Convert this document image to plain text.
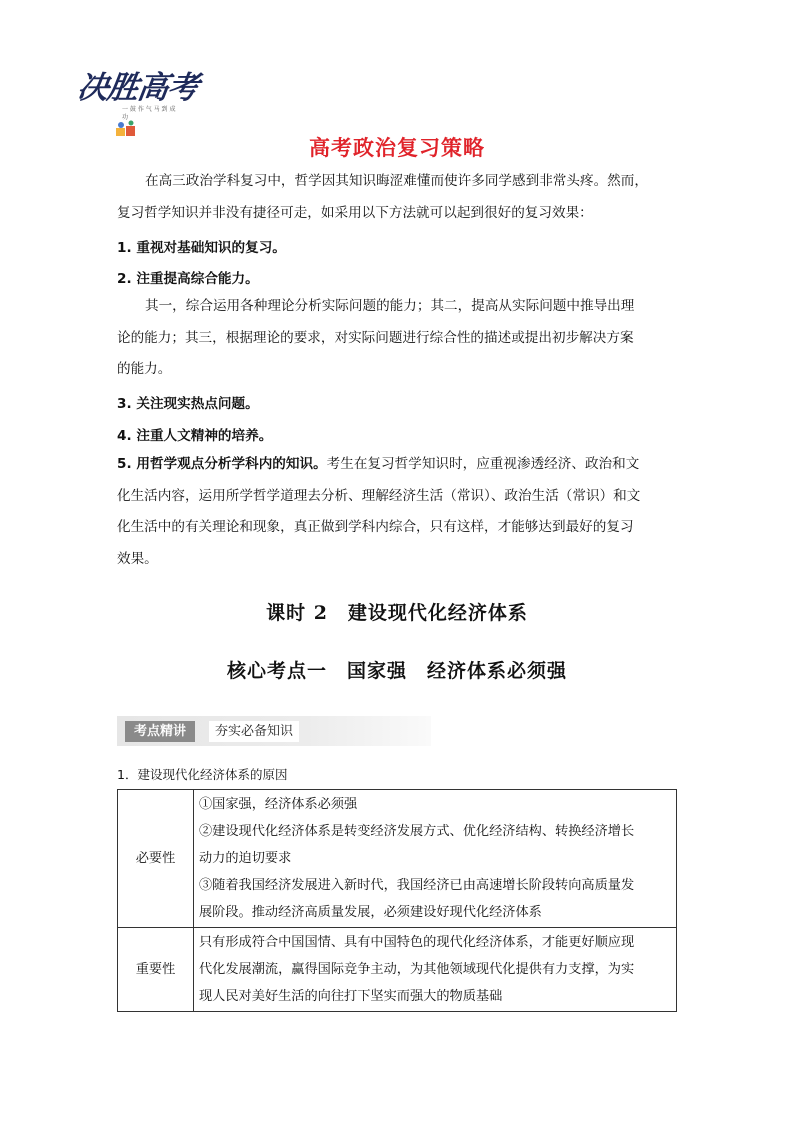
决胜高考
一 鼓 作 气 马 到 成 功
高考政治复习策略
在高三政治学科复习中，哲学因其知识晦涩难懂而使许多同学感到非常头疼。然而，
复习哲学知识并非没有捷径可走，如采用以下方法就可以起到很好的复习效果：
1. 重视对基础知识的复习。
2. 注重提高综合能力。
其一，综合运用各种理论分析实际问题的能力；其二，提高从实际问题中推导出理
论的能力；其三，根据理论的要求，对实际问题进行综合性的描述或提出初步解决方案
的能力。
3. 关注现实热点问题。
4. 注重人文精神的培养。
5. 用哲学观点分析学科内的知识。考生在复习哲学知识时，应重视渗透经济、政治和文
化生活内容，运用所学哲学道理去分析、理解经济生活（常识）、政治生活（常识）和文
化生活中的有关理论和现象，真正做到学科内综合，只有这样，才能够达到最好的复习
效果。
课时 2　建设现代化经济体系
核心考点一　国家强　经济体系必须强
考点精讲	夯实必备知识
1．建设现代化经济体系的原因
必要性	①国家强，经济体系必须强
②建设现代化经济体系是转变经济发展方式、优化经济结构、转换经济增长
动力的迫切要求
③随着我国经济发展进入新时代，我国经济已由高速增长阶段转向高质量发
展阶段。推动经济高质量发展，必须建设好现代化经济体系

重要性	只有形成符合中国国情、具有中国特色的现代化经济体系，才能更好顺应现
代化发展潮流，赢得国际竞争主动，为其他领域现代化提供有力支撑，为实
现人民对美好生活的向往打下坚实而强大的物质基础
